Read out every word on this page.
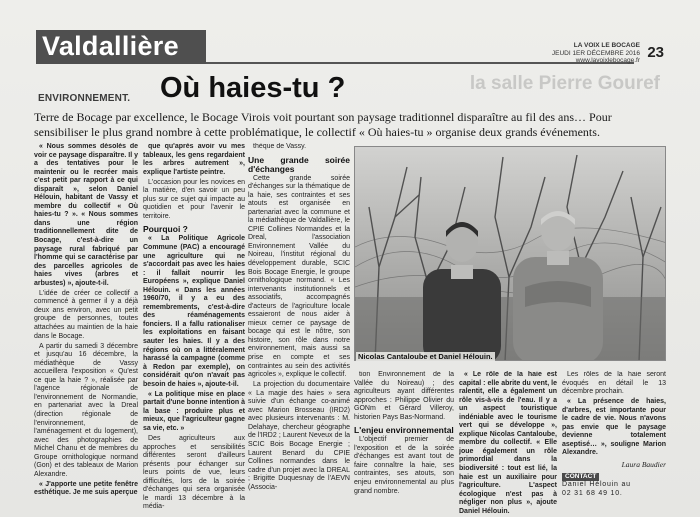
la salle Pierre Gouref
Valdallière	LA VOIX LE BOCAGE
JEUDI 1ER DÉCEMBRE 2016
www.lavoixlebocage.fr 23
ENVIRONNEMENT. Où haies-tu ?
Terre de Bocage par excellence, le Bocage Virois voit pourtant son paysage traditionnel disparaître au fil des ans… Pour sensibiliser le plus grand nombre à cette problématique, le collectif « Où haies-tu » organise deux grands événements.

« Nous sommes désolés de voir ce paysage disparaître. Il y a des tentatives pour le maintenir ou le recréer mais c'est petit par rapport à ce qui disparaît », selon Daniel Hélouin, habitant de Vassy et membre du collectif « Où haies-tu ? ». « Nous sommes dans une région traditionnellement dite de Bocage, c'est-à-dire un paysage rural fabriqué par l'homme qui se caractérise par des parcelles agricoles de haies vives (arbres et arbustes) », ajoute-t-il.

L'idée de créer ce collectif a commencé à germer il y a déjà deux ans environ, avec un petit groupe de personnes, toutes attachées au maintien de la haie dans le Bocage.

A partir du samedi 3 décembre et jusqu'au 16 décembre, la médiathèque de Vassy accueillera l'exposition « Qu'est ce que la haie ? », réalisée par l'agence régionale de l'environnement de Normandie, en partenariat avec la Dreal (direction régionale de l'environnement, de l'aménagement et du logement), avec des photographies de Michel Chanu et de membres du Groupe ornithologique normand (Gon) et des tableaux de Marion Alexandre.

« J'apporte une petite fenêtre esthétique. Je me suis aperçue

que qu'après avoir vu mes tableaux, les gens regardaient les arbres autrement », explique l'artiste peintre.

L'occasion pour les novices en la matière, d'en savoir un peu plus sur ce sujet qui impacte au quotidien et pour l'avenir le territoire.

Pourquoi ?

« La Politique Agricole Commune (PAC) a encouragé une agriculture qui ne s'accordait pas avec les haies : il fallait nourrir les Européens », explique Daniel Hélouin. « Dans les années 1960/70, il y a eu des remembrements, c'est-à-dire des réaménagements fonciers. Il a fallu rationaliser les exploitations en faisant sauter les haies. Il y a des régions où on a littéralement harassé la campagne (comme à Redon par exemple), on considérait qu'on n'avait pas besoin de haies », ajoute-t-il.

« La politique mise en place partait d'une bonne intention à la base : produire plus et mieux, que l'agriculteur gagne sa vie, etc. »

Des agriculteurs aux approches et sensibilités différentes seront d'ailleurs présents pour échanger sur leurs points de vue, leurs difficultés, lors de la soirée d'échanges qui sera organisée le mardi 13 décembre à la média-

thèque de Vassy.

Une grande soirée d'échanges

Cette grande soirée d'échanges sur la thématique de la haie, ses contraintes et ses atouts est organisée en partenariat avec la commune et la médiathèque de Valdallière, le CPIE Collines Normandes et la Dreal, l'association Environnement Vallée du Noireau, l'institut régional du développement durable, SCIC Bois Bocage Energie, le groupe ornithologique normand. « Les intervenants institutionnels et associatifs, accompagnés d'acteurs de l'agriculture locale essaieront de nous aider à mieux cerner ce paysage de bocage qui est le nôtre, son histoire, son rôle dans notre environnement, mais aussi sa prise en compte et ses contraintes au sein des activités agricoles », explique le collectif.

La projection du documentaire « La magie des haies » sera suivie d'un échange co-animé avec Marion Brosseau (IRD2) avec plusieurs intervenants : M. Delahaye, chercheur géographe de l'IRD2 ; Laurent Neveux de la SCIC Bois Bocage Energie ; Laurent Benard du CPIE Collines normandes dans le cadre d'un projet avec la DREAL ; Brigitte Duquesnay de l'AEVN (Associa-

Nicolas Cantaloube et Daniel Hélouin.

tion Environnement de la Vallée du Noireau) ; des agriculteurs ayant différentes approches : Philippe Olivier du GONm et Gérard Villeroy, historien Pays Bas-Normand.

L'enjeu environnemental

L'objectif premier de l'exposition et de la soirée d'échanges est avant tout de faire connaître la haie, ses contraintes, ses atouts, son enjeu environnemental au plus grand nombre.

« Le rôle de la haie est capital : elle abrite du vent, le ralentit, elle a également un rôle vis-à-vis de l'eau. Il y a un aspect touristique indéniable avec le tourisme vert qui se développe », explique Nicolas Cantaloube, membre du collectif. « Elle joue également un rôle primordial dans la biodiversité : tout est lié, la haie est un auxiliaire pour l'agriculture. L'aspect écologique n'est pas à négliger non plus », ajoute Daniel Hélouin.

Les rôles de la haie seront évoqués en détail le 13 décembre prochain.

« La présence de haies, d'arbres, est importante pour le cadre de vie. Nous n'avons pas envie que le paysage devienne totalement aseptisé… », souligne Marion Alexandre.

Laura Baudier

CONTACT
Daniel Hélouin au
02 31 68 49 10.
